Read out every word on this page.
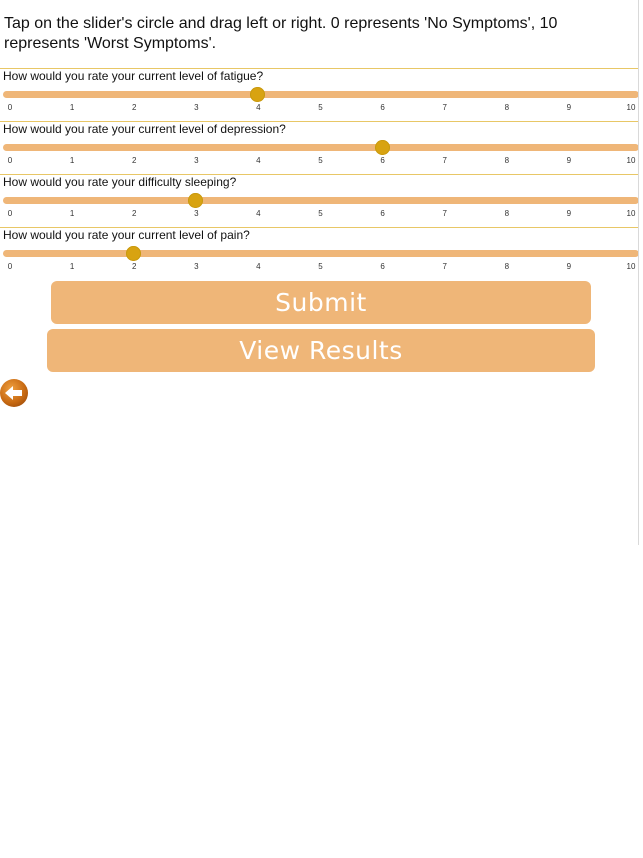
Tap on the slider's circle and drag left or right. 0 represents 'No Symptoms', 10 represents 'Worst Symptoms'.

How would you rate your current level of fatigue?
0	1	2	3	4	5	6	7	8	9	10
How would you rate your current level of depression?
0	1	2	3	4	5	6	7	8	9	10
How would you rate your difficulty sleeping?
0	1	2	3	4	5	6	7	8	9	10
How would you rate your current level of pain?
0	1	2	3	4	5	6	7	8	9	10
Submit
View Results
